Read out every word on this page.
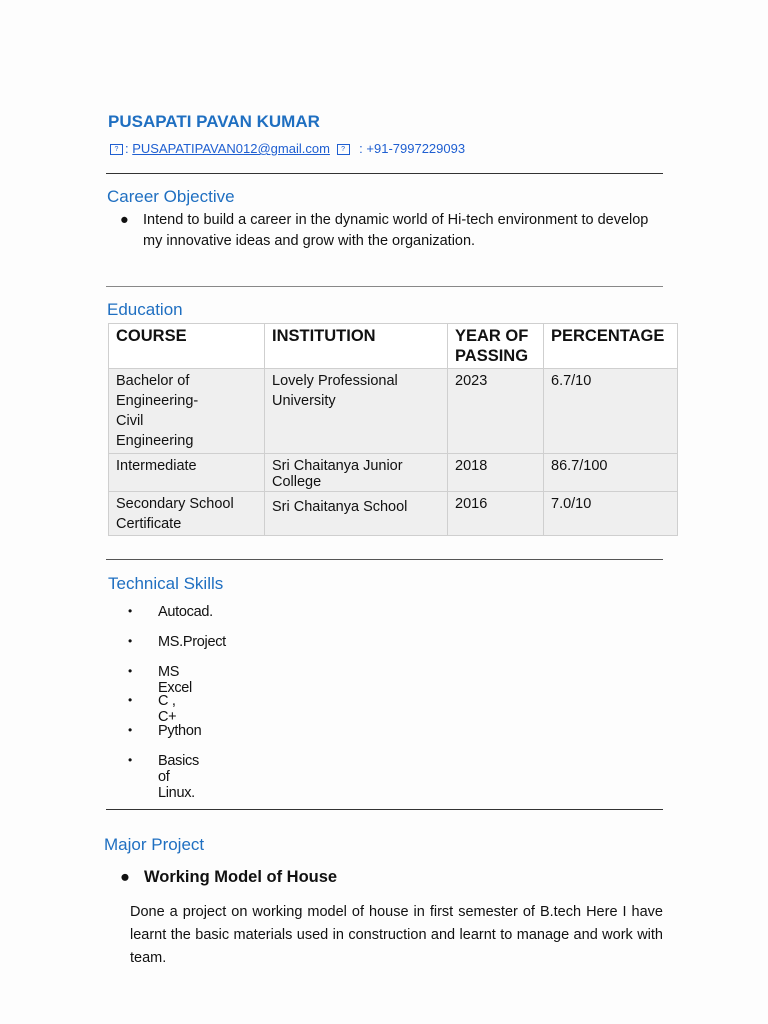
PUSAPATI PAVAN KUMAR
? : PUSAPATIPAVAN012@gmail.com ? : +91-7997229093
Career Objective
● Intend to build a career in the dynamic world of Hi-tech environment to develop my innovative ideas and grow with the organization.
Education
COURSE	INSTITUTION	YEAR OF PASSING	PERCENTAGE

Bachelor of Engineering- Civil Engineering	Lovely Professional University	2023	6.7/10
Intermediate	Sri Chaitanya Junior College	2018	86.7/100
Secondary School Certificate	Sri Chaitanya School	2016	7.0/10
Technical Skills
• Autocad.
• MS.Project
• MS Excel
• C , C+
• Python
• Basics of Linux.
Major Project
● Working Model of House
Done a project on working model of house in first semester of B.tech Here I have learnt the basic materials used in construction and learnt to manage and work with team.
